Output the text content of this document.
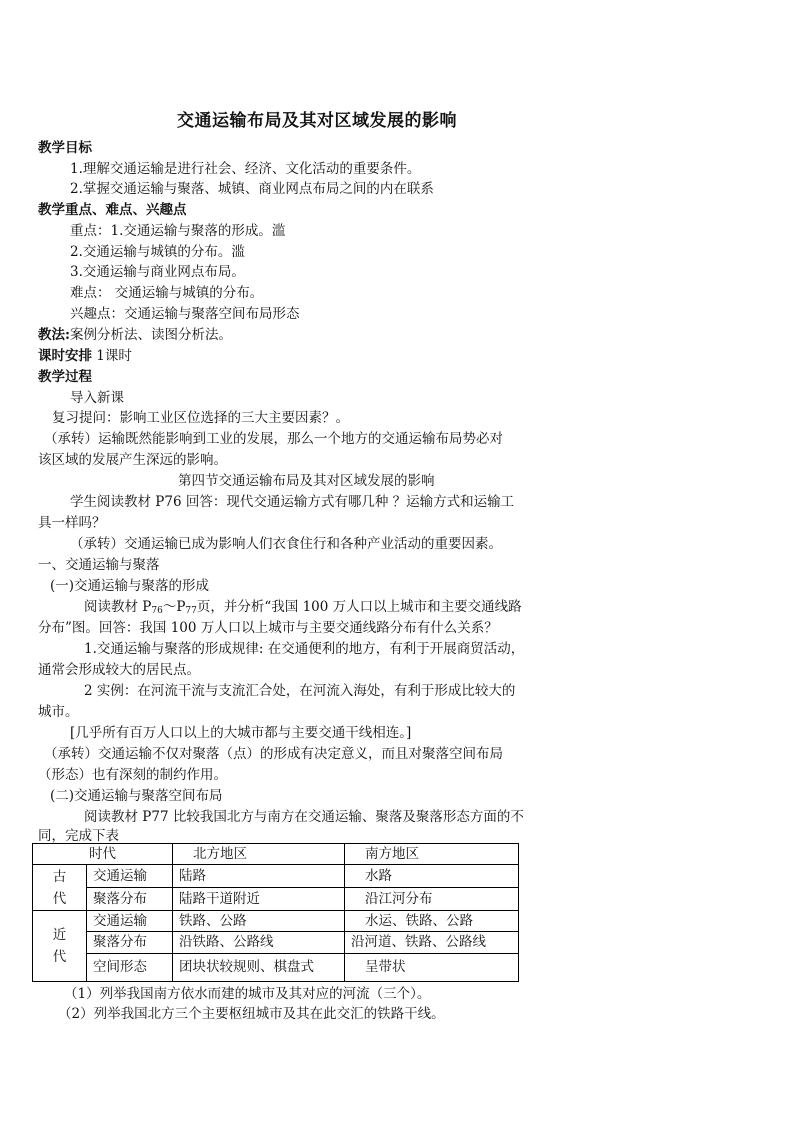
交通运输布局及其对区域发展的影响
教学目标
1.理解交通运输是进行社会、经济、文化活动的重要条件。
2.掌握交通运输与聚落、城镇、商业网点布局之间的内在联系
教学重点、难点、兴趣点
重点：1.交通运输与聚落的形成。滥
2.交通运输与城镇的分布。滥
3.交通运输与商业网点布局。
难点： 交通运输与城镇的分布。
兴趣点：交通运输与聚落空间布局形态
教法:案例分析法、读图分析法。
课时安排 1课时
教学过程
导入新课
复习提问：影响工业区位选择的三大主要因素？。
（承转）运输既然能影响到工业的发展，那么一个地方的交通运输布局势必对
该区域的发展产生深远的影响。
第四节交通运输布局及其对区域发展的影响
学生阅读教材 P76 回答：现代交通运输方式有哪几种 ？运输方式和运输工
具一样吗？
（承转）交通运输已成为影响人们衣食住行和各种产业活动的重要因素。
一、交通运输与聚落
(一)交通运输与聚落的形成
阅读教材 $P_{76}\sim P_{77}$页，并分析“我国 100 万人口以上城市和主要交通线路
分布”图。回答：我国 100 万人口以上城市与主要交通线路分布有什么关系？
1.交通运输与聚落的形成规律: 在交通便利的地方，有利于开展商贸活动，
通常会形成较大的居民点。
2 实例：在河流干流与支流汇合处，在河流入海处，有利于形成比较大的
城市。
[几乎所有百万人口以上的大城市都与主要交通干线相连。]
（承转）交通运输不仅对聚落（点）的形成有决定意义，而且对聚落空间布局
（形态）也有深刻的制约作用。
(二)交通运输与聚落空间布局
阅读教材 P77 比较我国北方与南方在交通运输、聚落及聚落形态方面的不
同，完成下表
时代		北方地区	南方地区
古代	交通运输	陆路	水路
	聚落分布	陆路干道附近	沿江河分布
近代	交通运输	铁路、公路	水运、铁路、公路
	聚落分布	沿铁路、公路线	沿河道、铁路、公路线
	空间形态	团块状较规则、棋盘式	呈带状
（1）列举我国南方依水而建的城市及其对应的河流（三个）。
（2）列举我国北方三个主要枢纽城市及其在此交汇的铁路干线。
